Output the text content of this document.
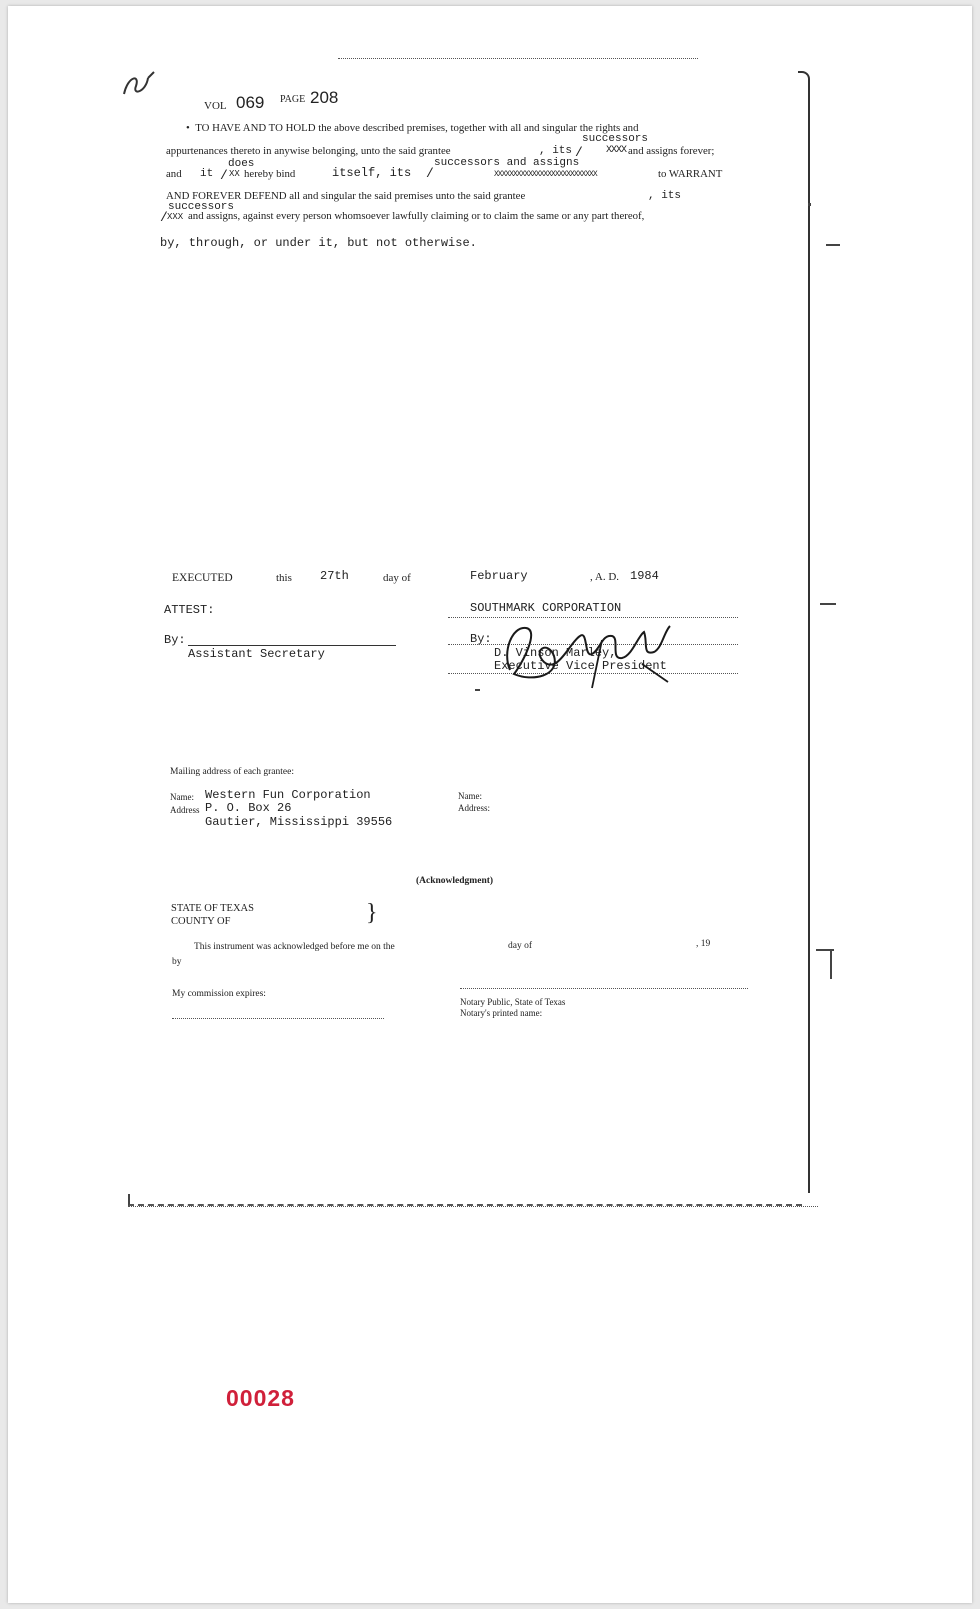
VOL 069 PAGE 208
•  TO HAVE AND TO HOLD the above described premises, together with all and singular the rights and
appurtenances thereto in anywise belonging, unto the said grantee	, its /
successors
XXXX and assigns forever;
and it /
does
XX hereby bind	itself, its /
successors and assigns
XXXXXXXXXXXXXXXXXXXXXXXXXXX	to WARRANT
AND FOREVER DEFEND all and singular the said premises unto the said grantee	, its
/
successors
XXX and assigns, against every person whomsoever lawfully claiming or to claim the same or any part thereof,
by, through, or under it, but not otherwise.
EXECUTED	this 27th	day of	February	, A. D. 1984
ATTEST:
By:
Assistant Secretary
SOUTHMARK CORPORATION
By:
D. Vinson Marley,
Executive Vice President
Mailing address of each grantee:
Name: Western Fun Corporation
Address P. O. Box 26
Gautier, Mississippi 39556
Name:
Address:
(Acknowledgment)
STATE OF TEXAS
COUNTY OF	}
This instrument was acknowledged before me on the	day of	, 19
by
My commission expires:
Notary Public, State of Texas
Notary's printed name:
00028
